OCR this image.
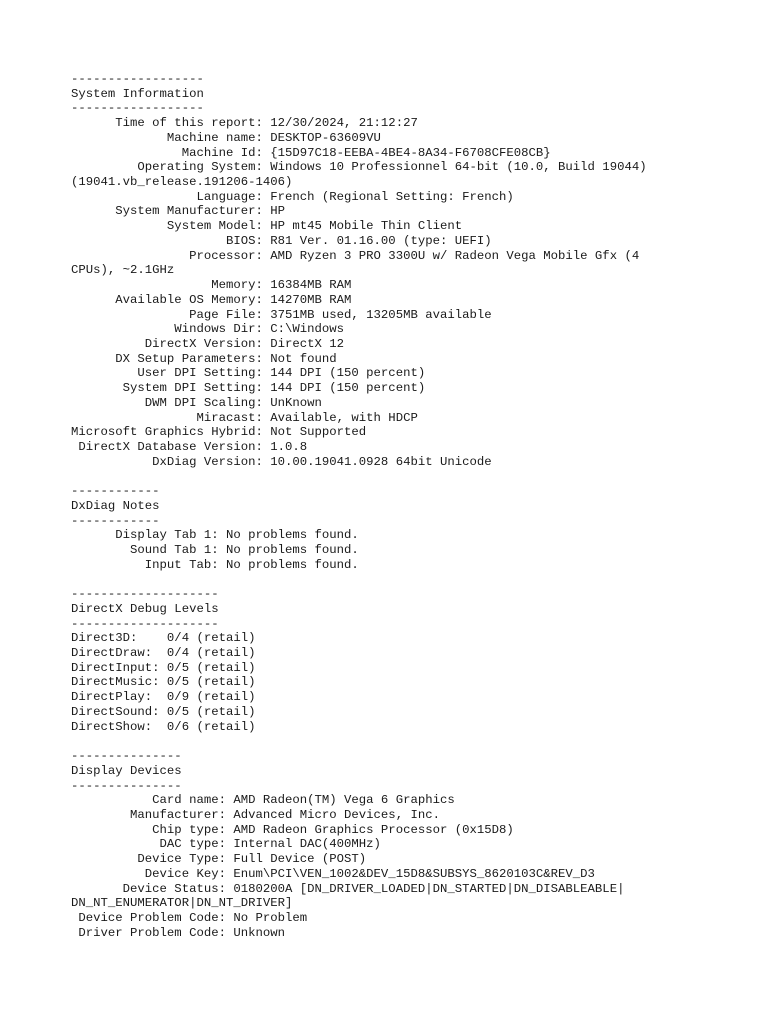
------------------
System Information
------------------
Time of this report: 12/30/2024, 21:12:27
Machine name: DESKTOP-63609VU
Machine Id: {15D97C18-EEBA-4BE4-8A34-F6708CFE08CB}
Operating System: Windows 10 Professionnel 64-bit (10.0, Build 19044)
(19041.vb_release.191206-1406)
Language: French (Regional Setting: French)
System Manufacturer: HP
System Model: HP mt45 Mobile Thin Client
BIOS: R81 Ver. 01.16.00 (type: UEFI)
Processor: AMD Ryzen 3 PRO 3300U w/ Radeon Vega Mobile Gfx (4
CPUs), ~2.1GHz
Memory: 16384MB RAM
Available OS Memory: 14270MB RAM
Page File: 3751MB used, 13205MB available
Windows Dir: C:\Windows
DirectX Version: DirectX 12
DX Setup Parameters: Not found
User DPI Setting: 144 DPI (150 percent)
System DPI Setting: 144 DPI (150 percent)
DWM DPI Scaling: UnKnown
Miracast: Available, with HDCP
Microsoft Graphics Hybrid: Not Supported
DirectX Database Version: 1.0.8
DxDiag Version: 10.00.19041.0928 64bit Unicode
------------
DxDiag Notes
------------
Display Tab 1: No problems found.
Sound Tab 1: No problems found.
Input Tab: No problems found.
--------------------
DirectX Debug Levels
--------------------
Direct3D:    0/4 (retail)
DirectDraw:  0/4 (retail)
DirectInput: 0/5 (retail)
DirectMusic: 0/5 (retail)
DirectPlay:  0/9 (retail)
DirectSound: 0/5 (retail)
DirectShow:  0/6 (retail)
---------------
Display Devices
---------------
Card name: AMD Radeon(TM) Vega 6 Graphics
Manufacturer: Advanced Micro Devices, Inc.
Chip type: AMD Radeon Graphics Processor (0x15D8)
DAC type: Internal DAC(400MHz)
Device Type: Full Device (POST)
Device Key: Enum\PCI\VEN_1002&DEV_15D8&SUBSYS_8620103C&REV_D3
Device Status: 0180200A [DN_DRIVER_LOADED|DN_STARTED|DN_DISABLEABLE|
DN_NT_ENUMERATOR|DN_NT_DRIVER]
Device Problem Code: No Problem
Driver Problem Code: Unknown
